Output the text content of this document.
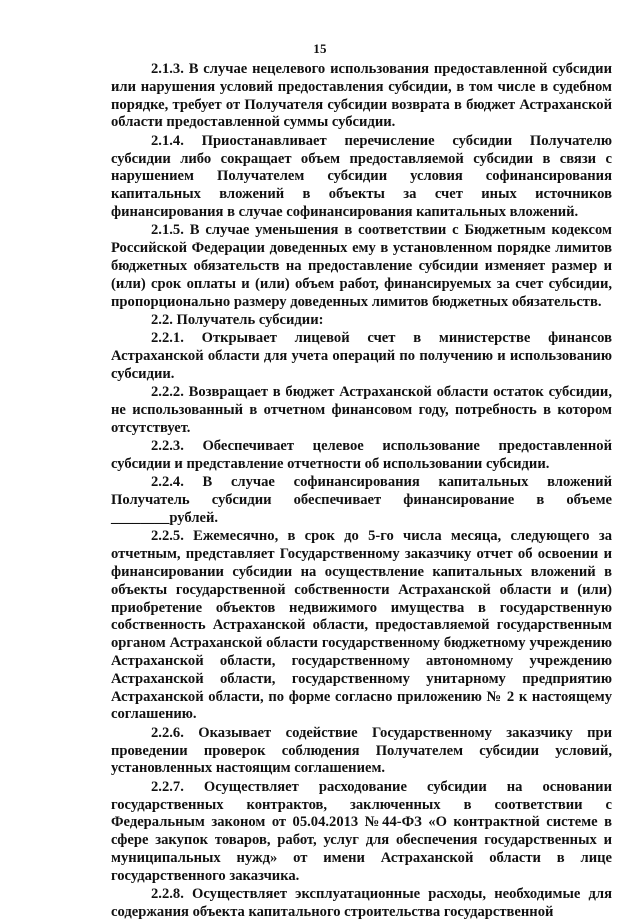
15

2.1.3. В случае нецелевого использования предоставленной субсидии или нарушения условий предоставления субсидии, в том числе в судебном порядке, требует от Получателя субсидии возврата в бюджет Астраханской области предоставленной суммы субсидии.

2.1.4. Приостанавливает перечисление субсидии Получателю субсидии либо сокращает объем предоставляемой субсидии в связи с нарушением Получателем субсидии условия софинансирования капитальных вложений в объекты за счет иных источников финансирования в случае софинансирования капитальных вложений.

2.1.5. В случае уменьшения в соответствии с Бюджетным кодексом Российской Федерации доведенных ему в установленном порядке лимитов бюджетных обязательств на предоставление субсидии изменяет размер и (или) срок оплаты и (или) объем работ, финансируемых за счет субсидии, пропорционально размеру доведенных лимитов бюджетных обязательств.

2.2. Получатель субсидии:

2.2.1. Открывает лицевой счет в министерстве финансов Астраханской области для учета операций по получению и использованию субсидии.

2.2.2. Возвращает в бюджет Астраханской области остаток субсидии, не использованный в отчетном финансовом году, потребность в котором отсутствует.

2.2.3. Обеспечивает целевое использование предоставленной субсидии и представление отчетности об использовании субсидии.

2.2.4. В случае софинансирования капитальных вложений Получатель субсидии обеспечивает финансирование в объеме ________рублей.

2.2.5. Ежемесячно, в срок до 5-го числа месяца, следующего за отчетным, представляет Государственному заказчику отчет об освоении и финансировании субсидии на осуществление капитальных вложений в объекты государственной собственности Астраханской области и (или) приобретение объектов недвижимого имущества в государственную собственность Астраханской области, предоставляемой государственным органом Астраханской области государственному бюджетному учреждению Астраханской области, государственному автономному учреждению Астраханской области, государственному унитарному предприятию Астраханской области, по форме согласно приложению № 2 к настоящему соглашению.

2.2.6. Оказывает содействие Государственному заказчику при проведении проверок соблюдения Получателем субсидии условий, установленных настоящим соглашением.

2.2.7. Осуществляет расходование субсидии на основании государственных контрактов, заключенных в соответствии с Федеральным законом от 05.04.2013 №44-ФЗ «О контрактной системе в сфере закупок товаров, работ, услуг для обеспечения государственных и муниципальных нужд» от имени Астраханской области в лице государственного заказчика.

2.2.8. Осуществляет эксплуатационные расходы, необходимые для содержания объекта капитального строительства государственной
